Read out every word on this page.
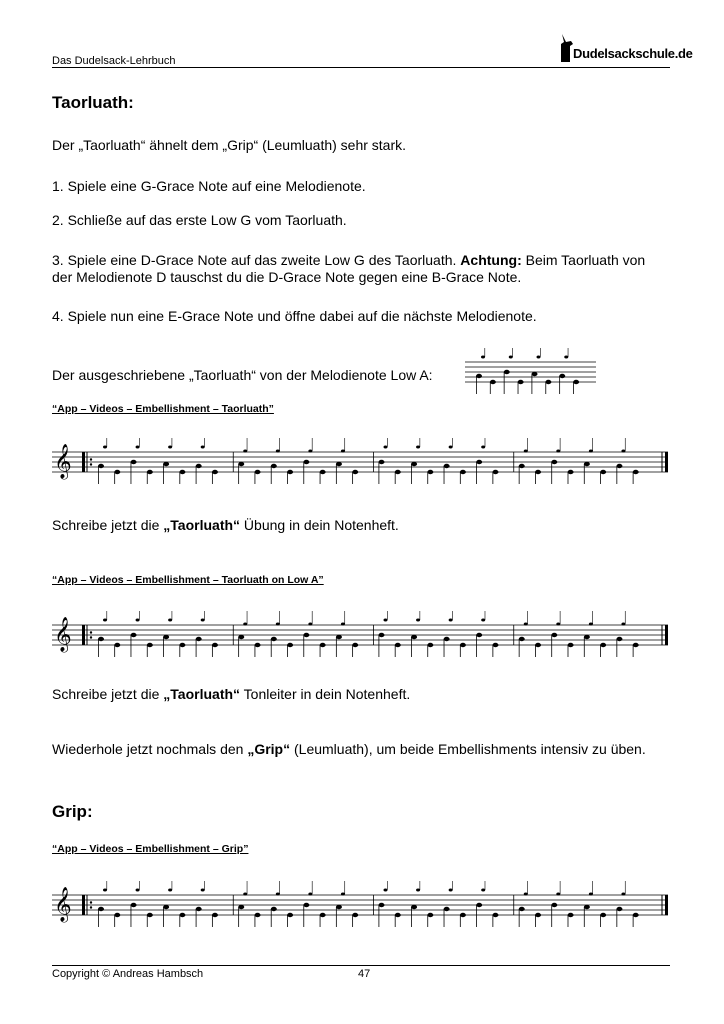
Das Dudelsack-Lehrbuch	Dudelsackschule.de
Taorluath:
Der „Taorluath“ ähnelt dem „Grip“ (Leumluath) sehr stark.
1. Spiele eine G-Grace Note auf eine Melodienote.
2. Schließe auf das erste Low G vom Taorluath.
3. Spiele eine D-Grace Note auf das zweite Low G des Taorluath. Achtung: Beim Taorluath von
der Melodienote D tauschst du die D-Grace Note gegen eine B-Grace Note.
4. Spiele nun eine E-Grace Note und öffne dabei auf die nächste Melodienote.
Der ausgeschriebene „Taorluath“ von der Melodienote Low A:
“App – Videos – Embellishment – Taorluath”
Schreibe jetzt die „Taorluath“ Übung in dein Notenheft.
“App – Videos – Embellishment – Taorluath on Low A”
Schreibe jetzt die „Taorluath“ Tonleiter in dein Notenheft.
Wiederhole jetzt nochmals den „Grip“ (Leumluath), um beide Embellishments intensiv zu üben.
Grip:
“App – Videos – Embellishment – Grip”
𝄞
𝄞
𝄞
Copyright © Andreas Hambsch	47
